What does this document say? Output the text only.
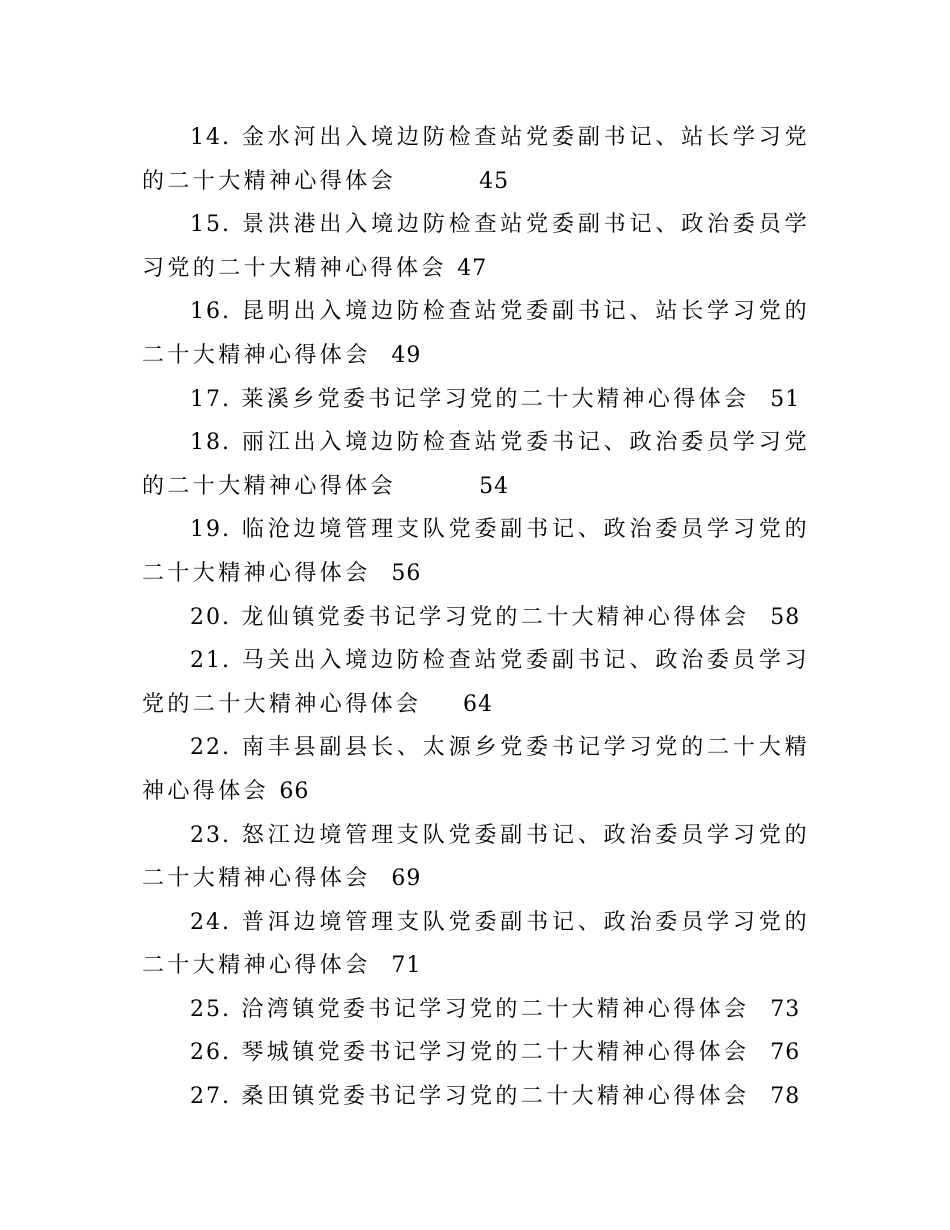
14. 金水河出入境边防检查站党委副书记、站长学习党的二十大精神心得体会	45
15. 景洪港出入境边防检查站党委副书记、政治委员学习党的二十大精神心得体会 47
16. 昆明出入境边防检查站党委副书记、站长学习党的二十大精神心得体会 49
17. 莱溪乡党委书记学习党的二十大精神心得体会 51
18. 丽江出入境边防检查站党委书记、政治委员学习党的二十大精神心得体会	54
19. 临沧边境管理支队党委副书记、政治委员学习党的二十大精神心得体会 56
20. 龙仙镇党委书记学习党的二十大精神心得体会 58
21. 马关出入境边防检查站党委副书记、政治委员学习党的二十大精神心得体会 64
22. 南丰县副县长、太源乡党委书记学习党的二十大精神心得体会 66
23. 怒江边境管理支队党委副书记、政治委员学习党的二十大精神心得体会 69
24. 普洱边境管理支队党委副书记、政治委员学习党的二十大精神心得体会 71
25. 洽湾镇党委书记学习党的二十大精神心得体会 73
26. 琴城镇党委书记学习党的二十大精神心得体会 76
27. 桑田镇党委书记学习党的二十大精神心得体会 78
